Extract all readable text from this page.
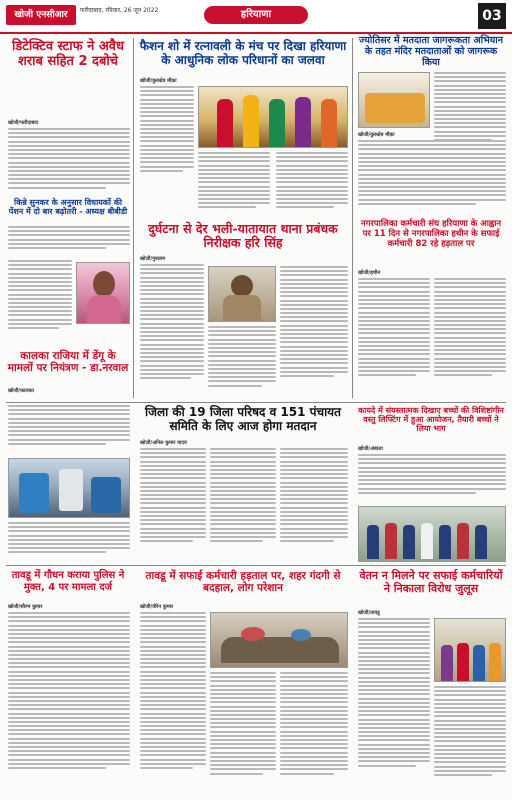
खोजी एनसीआर	फरीदाबाद, रविवार, 26 जून 2022	हरियाणा	03
डिटेक्टिव स्टाफ ने अवैध शराब सहित 2 दबोचे
खोजी/फरीदाबाद
किन्ने सुनकर के अनुसार विधायकों की पेंशन में दो बार बढ़ोतरी - अध्यक्ष बीबीडी
कालका राजिया में डेंगू के मामलों पर नियंत्रण - डा.नरवाल
खोजी/कालका
फैशन शो में रत्नावली के मंच पर दिखा हरियाणा के आधुनिक लोक परिधानों का जलवा
खोजी/कुरुक्षेत्र मौक़ा
दुर्घटना से देर भली-यातायात थाना प्रबंधक निरीक्षक हरि सिंह
खोजी/गुरुग्राम
ज्योतिसर में मतदाता जागरूकता अभियान के तहत मंदिर मतदाताओं को जागरूक किया
खोजी/कुरुक्षेत्र मौक़ा
नगरपालिका कर्मचारी संघ हरियाणा के आह्वान पर 11 दिन से नगरपालिका हथीन के सफाई कर्मचारी 82 रहे हड़ताल पर
खोजी/हथीन
जिला की 19 जिला परिषद व 151 पंचायत समिति के लिए आज होगा मतदान
खोजी/अनिल कुमार यादव
कायदे में संयस्तात्मक दिखाए बच्चों की विशिष्टांगीन वस्तु लिफ्टिंग में हुआ आयोजन, तैयारी बच्चों ने लिया भाग
खोजी/अंबाला
तावडू में गौधन कराया पुलिस ने मुक्त, 4 पर मामला दर्ज
खोजी/सौरभ कुमार
तावडू में सफाई कर्मचारी हड़ताल पर, शहर गंदगी से बदहाल, लोग परेशान
खोजी/वीरेन कुमार
वेतन न मिलने पर सफाई कर्मचारियों ने निकाला विरोध जुलूस
खोजी/तावडू
